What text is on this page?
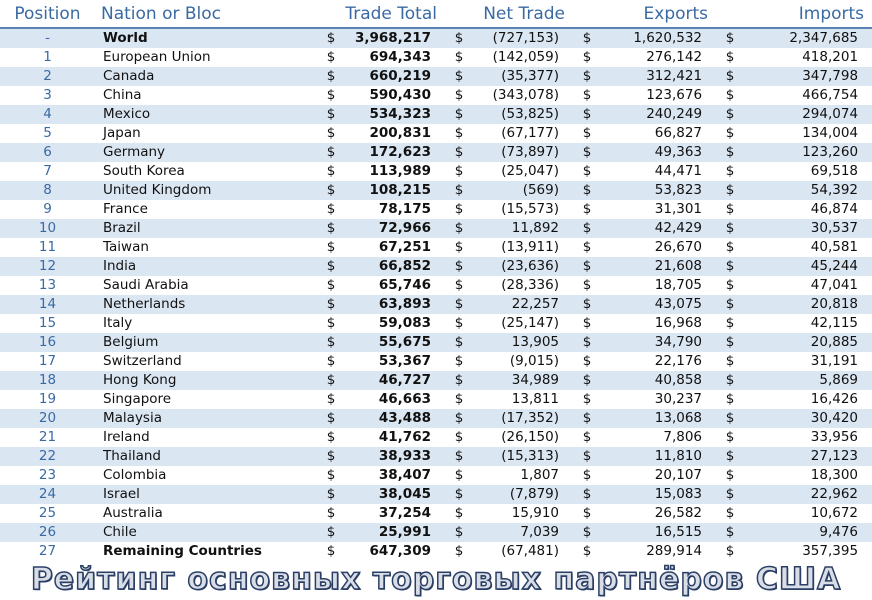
Position	Nation or Bloc	Trade Total		Net Trade		Exports		Imports	
-	World	$	3,968,217	$	(727,153)	$	1,620,532	$	2,347,685
1	European Union	$	694,343	$	(142,059)	$	276,142	$	418,201
2	Canada	$	660,219	$	(35,377)	$	312,421	$	347,798
3	China	$	590,430	$	(343,078)	$	123,676	$	466,754
4	Mexico	$	534,323	$	(53,825)	$	240,249	$	294,074
5	Japan	$	200,831	$	(67,177)	$	66,827	$	134,004
6	Germany	$	172,623	$	(73,897)	$	49,363	$	123,260
7	South Korea	$	113,989	$	(25,047)	$	44,471	$	69,518
8	United Kingdom	$	108,215	$	(569)	$	53,823	$	54,392
9	France	$	78,175	$	(15,573)	$	31,301	$	46,874
10	Brazil	$	72,966	$	11,892	$	42,429	$	30,537
11	Taiwan	$	67,251	$	(13,911)	$	26,670	$	40,581
12	India	$	66,852	$	(23,636)	$	21,608	$	45,244
13	Saudi Arabia	$	65,746	$	(28,336)	$	18,705	$	47,041
14	Netherlands	$	63,893	$	22,257	$	43,075	$	20,818
15	Italy	$	59,083	$	(25,147)	$	16,968	$	42,115
16	Belgium	$	55,675	$	13,905	$	34,790	$	20,885
17	Switzerland	$	53,367	$	(9,015)	$	22,176	$	31,191
18	Hong Kong	$	46,727	$	34,989	$	40,858	$	5,869
19	Singapore	$	46,663	$	13,811	$	30,237	$	16,426
20	Malaysia	$	43,488	$	(17,352)	$	13,068	$	30,420
21	Ireland	$	41,762	$	(26,150)	$	7,806	$	33,956
22	Thailand	$	38,933	$	(15,313)	$	11,810	$	27,123
23	Colombia	$	38,407	$	1,807	$	20,107	$	18,300
24	Israel	$	38,045	$	(7,879)	$	15,083	$	22,962
25	Australia	$	37,254	$	15,910	$	26,582	$	10,672
26	Chile	$	25,991	$	7,039	$	16,515	$	9,476
27	Remaining Countries	$	647,309	$	(67,481)	$	289,914	$	357,395
Рейтинг основных торговых партнёров США
